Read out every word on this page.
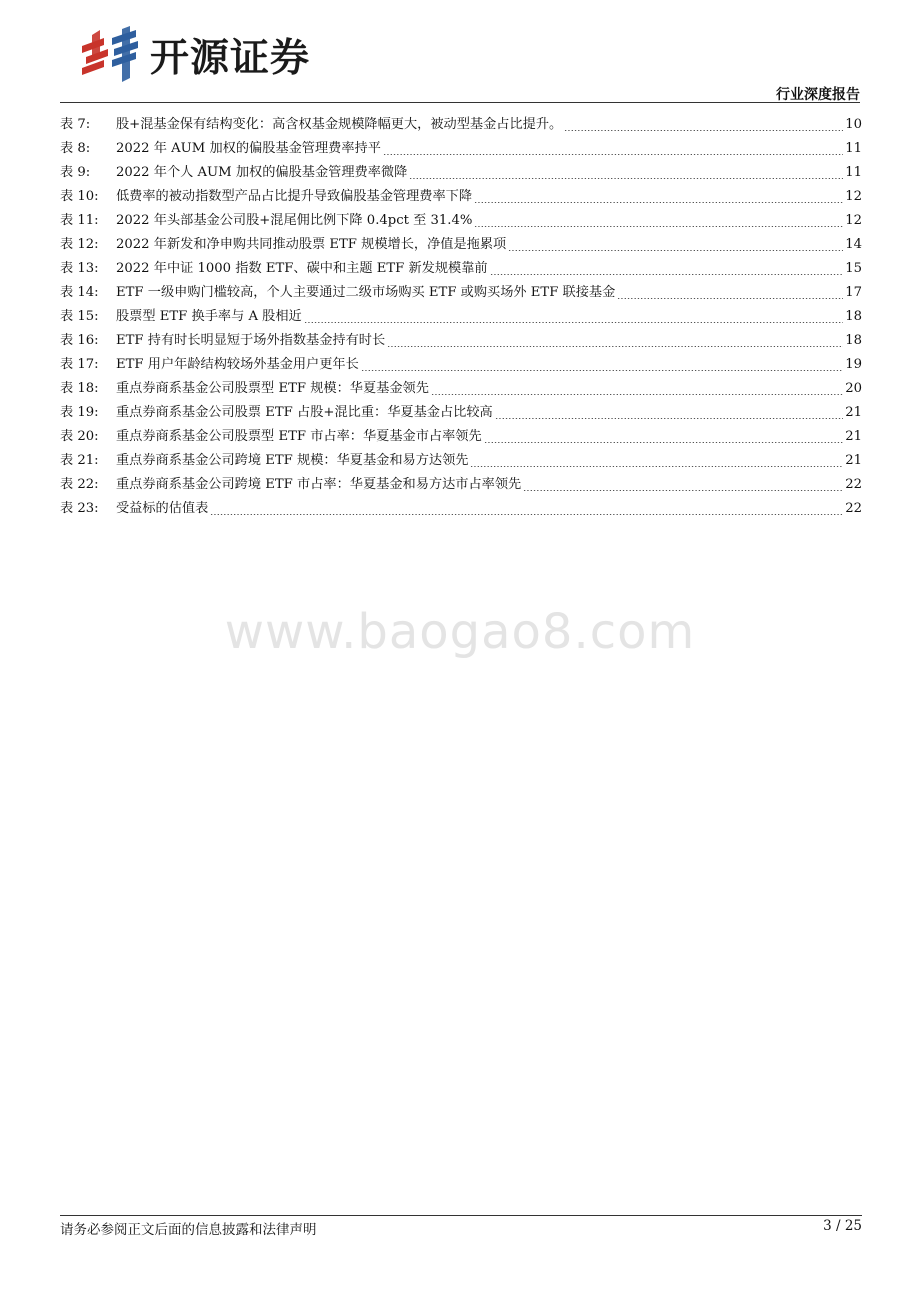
开源证券
行业深度报告
表 7:	股+混基金保有结构变化：高含权基金规模降幅更大，被动型基金占比提升。	10
表 8:	2022 年 AUM 加权的偏股基金管理费率持平	11
表 9:	2022 年个人 AUM 加权的偏股基金管理费率微降	11
表 10:	低费率的被动指数型产品占比提升导致偏股基金管理费率下降	12
表 11:	2022 年头部基金公司股+混尾佣比例下降 0.4pct 至 31.4%	12
表 12:	2022 年新发和净申购共同推动股票 ETF 规模增长，净值是拖累项	14
表 13:	2022 年中证 1000 指数 ETF、碳中和主题 ETF 新发规模靠前	15
表 14:	ETF 一级申购门槛较高，个人主要通过二级市场购买 ETF 或购买场外 ETF 联接基金	17
表 15:	股票型 ETF 换手率与 A 股相近	18
表 16:	ETF 持有时长明显短于场外指数基金持有时长	18
表 17:	ETF 用户年龄结构较场外基金用户更年长	19
表 18:	重点券商系基金公司股票型 ETF 规模：华夏基金领先	20
表 19:	重点券商系基金公司股票 ETF 占股+混比重：华夏基金占比较高	21
表 20:	重点券商系基金公司股票型 ETF 市占率：华夏基金市占率领先	21
表 21:	重点券商系基金公司跨境 ETF 规模：华夏基金和易方达领先	21
表 22:	重点券商系基金公司跨境 ETF 市占率：华夏基金和易方达市占率领先	22
表 23:	受益标的估值表	22
www.baogao8.com
请务必参阅正文后面的信息披露和法律声明	3 / 25
